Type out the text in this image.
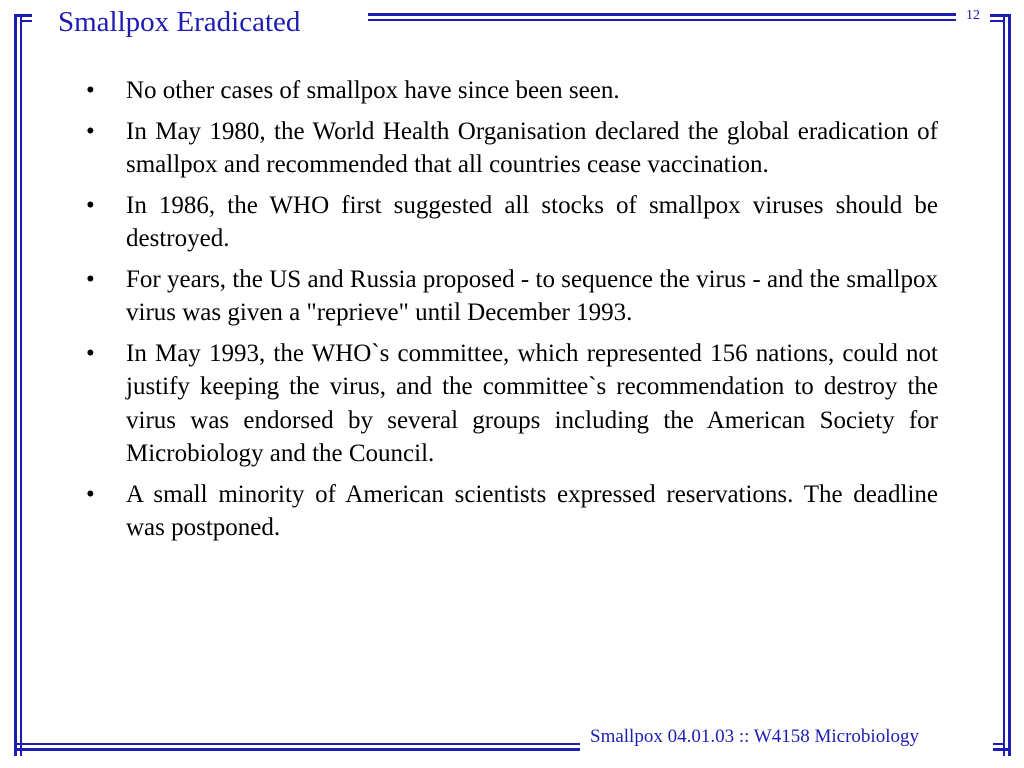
Smallpox Eradicated	12
• No other cases of smallpox have since been seen.
• In May 1980, the World Health Organisation declared the global eradication of smallpox and recommended that all countries cease vaccination.
• In 1986, the WHO first suggested all stocks of smallpox viruses should be destroyed.
• For years, the US and Russia proposed - to sequence the virus - and the smallpox virus was given a "reprieve" until December 1993.
• In May 1993, the WHO`s committee, which represented 156 nations, could not justify keeping the virus, and the committee`s recommendation to destroy the virus was endorsed by several groups including the American Society for Microbiology and the Council.
• A small minority of American scientists expressed reservations. The deadline was postponed.
Smallpox 04.01.03 :: W4158 Microbiology
